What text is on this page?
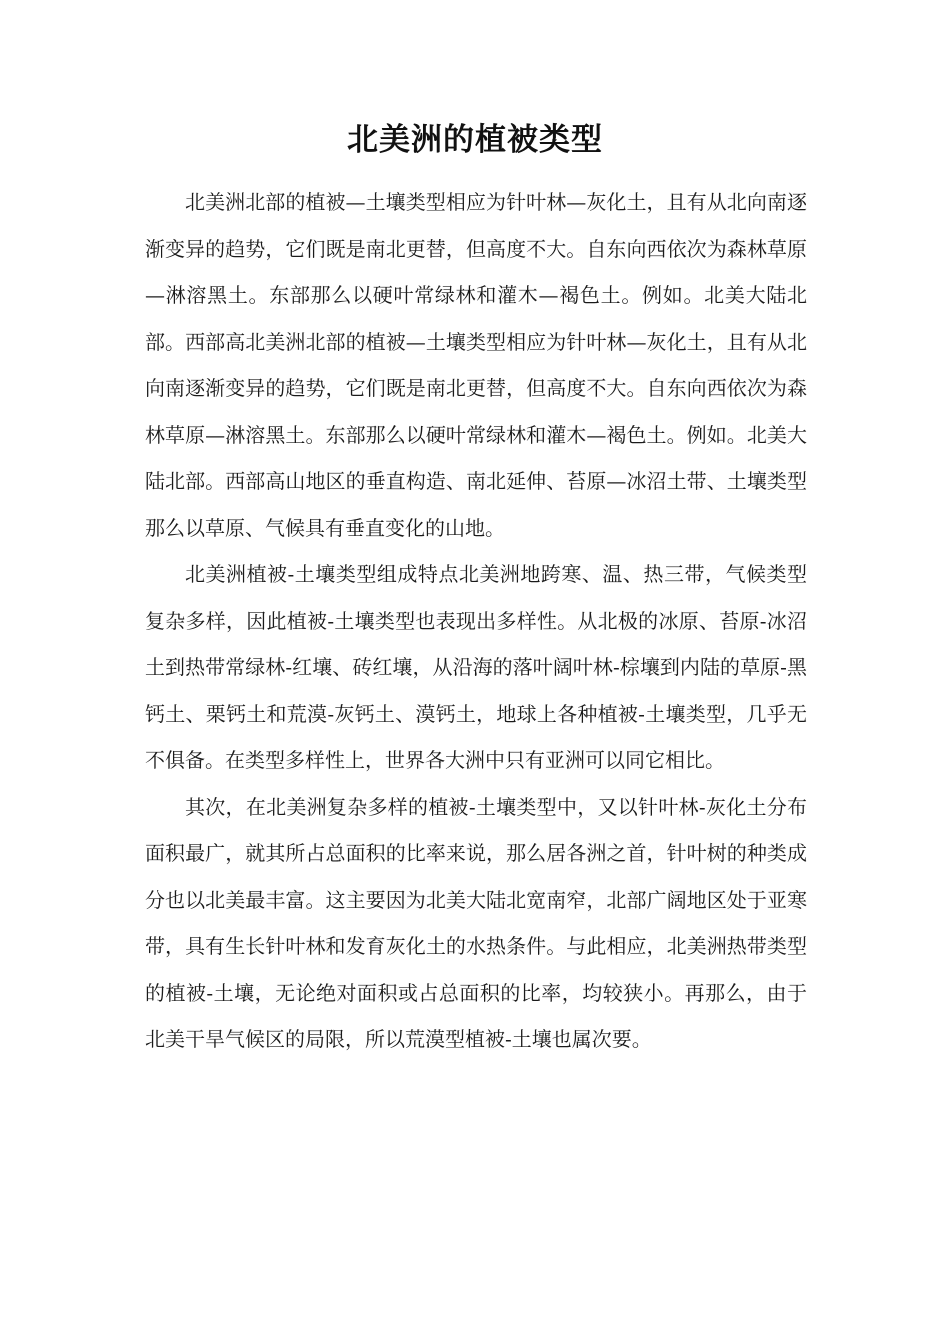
北美洲的植被类型

北美洲北部的植被—土壤类型相应为针叶林—灰化土，且有从北向南逐渐变异的趋势，它们既是南北更替，但高度不大。自东向西依次为森林草原—淋溶黑土。东部那么以硬叶常绿林和灌木—褐色土。例如。北美大陆北部。西部高北美洲北部的植被—土壤类型相应为针叶林—灰化土，且有从北向南逐渐变异的趋势，它们既是南北更替，但高度不大。自东向西依次为森林草原—淋溶黑土。东部那么以硬叶常绿林和灌木—褐色土。例如。北美大陆北部。西部高山地区的垂直构造、南北延伸、苔原—冰沼土带、土壤类型那么以草原、气候具有垂直变化的山地。

北美洲植被-土壤类型组成特点北美洲地跨寒、温、热三带，气候类型复杂多样，因此植被-土壤类型也表现出多样性。从北极的冰原、苔原-冰沼土到热带常绿林-红壤、砖红壤，从沿海的落叶阔叶林-棕壤到内陆的草原-黑钙土、栗钙土和荒漠-灰钙土、漠钙土，地球上各种植被-土壤类型，几乎无不俱备。在类型多样性上，世界各大洲中只有亚洲可以同它相比。

其次，在北美洲复杂多样的植被-土壤类型中，又以针叶林-灰化土分布面积最广，就其所占总面积的比率来说，那么居各洲之首，针叶树的种类成分也以北美最丰富。这主要因为北美大陆北宽南窄，北部广阔地区处于亚寒带，具有生长针叶林和发育灰化土的水热条件。与此相应，北美洲热带类型的植被-土壤，无论绝对面积或占总面积的比率，均较狭小。再那么，由于北美干旱气候区的局限，所以荒漠型植被-土壤也属次要。
